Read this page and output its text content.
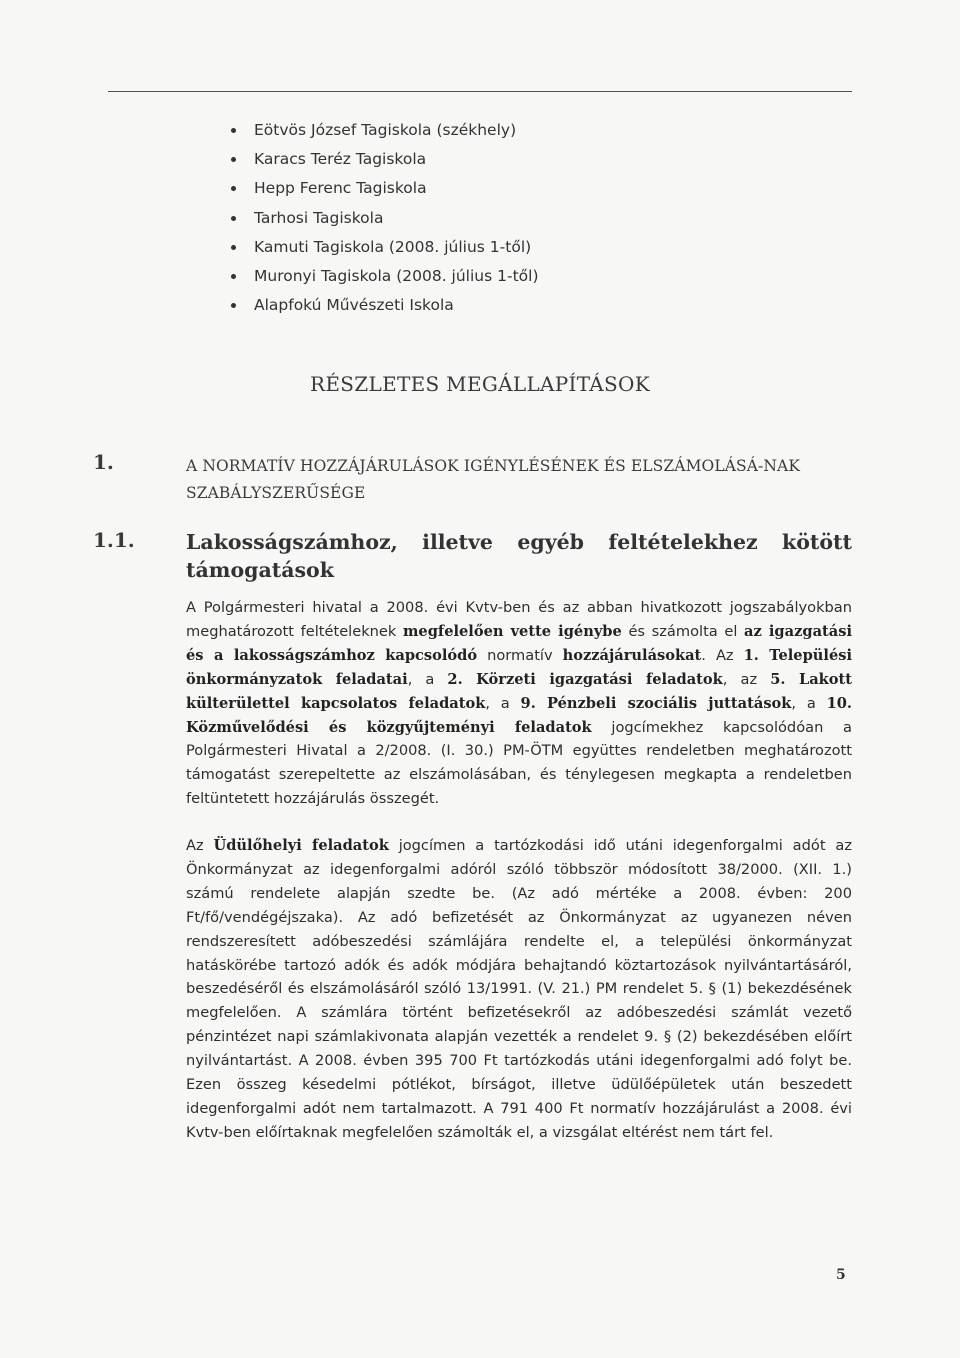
Eötvös József Tagiskola (székhely)
Karacs Teréz Tagiskola
Hepp Ferenc Tagiskola
Tarhosi Tagiskola
Kamuti Tagiskola (2008. július 1-től)
Muronyi Tagiskola (2008. július 1-től)
Alapfokú Művészeti Iskola
RÉSZLETES MEGÁLLAPÍTÁSOK
1.	A NORMATÍV HOZZÁJÁRULÁSOK IGÉNYLÉSÉNEK ÉS ELSZÁMOLÁSÁ-NAK SZABÁLYSZERŰSÉGE
1.1. Lakosságszámhoz, illetve egyéb feltételekhez kötött támogatások

A Polgármesteri hivatal a 2008. évi Kvtv-ben és az abban hivatkozott jogszabályokban meghatározott feltételeknek megfelelően vette igénybe és számolta el az igazgatási és a lakosságszámhoz kapcsolódó normatív hozzájárulásokat. Az 1. Települési önkormányzatok feladatai, a 2. Körzeti igazgatási feladatok, az 5. Lakott külterülettel kapcsolatos feladatok, a 9. Pénzbeli szociális juttatások, a 10. Közművelődési és közgyűjteményi feladatok jogcímekhez kapcsolódóan a Polgármesteri Hivatal a 2/2008. (I. 30.) PM-ÖTM együttes rendeletben meghatározott támogatást szerepeltette az elszámolásában, és ténylegesen megkapta a rendeletben feltüntetett hozzájárulás összegét.

Az Üdülőhelyi feladatok jogcímen a tartózkodási idő utáni idegenforgalmi adót az Önkormányzat az idegenforgalmi adóról szóló többször módosított 38/2000. (XII. 1.) számú rendelete alapján szedte be. (Az adó mértéke a 2008. évben: 200 Ft/fő/vendégéjszaka). Az adó befizetését az Önkormányzat az ugyanezen néven rendszeresített adóbeszedési számlájára rendelte el, a települési önkormányzat hatáskörébe tartozó adók és adók módjára behajtandó köztartozások nyilvántartásáról, beszedéséről és elszámolásáról szóló 13/1991. (V. 21.) PM rendelet 5. § (1) bekezdésének megfelelően. A számlára történt befizetésekről az adóbeszedési számlát vezető pénzintézet napi számlakivonata alapján vezették a rendelet 9. § (2) bekezdésében előírt nyilvántartást. A 2008. évben 395 700 Ft tartózkodás utáni idegenforgalmi adó folyt be. Ezen összeg késedelmi pótlékot, bírságot, illetve üdülőépületek után beszedett idegenforgalmi adót nem tartalmazott. A 791 400 Ft normatív hozzájárulást a 2008. évi Kvtv-ben előírtaknak megfelelően számolták el, a vizsgálat eltérést nem tárt fel.

5
